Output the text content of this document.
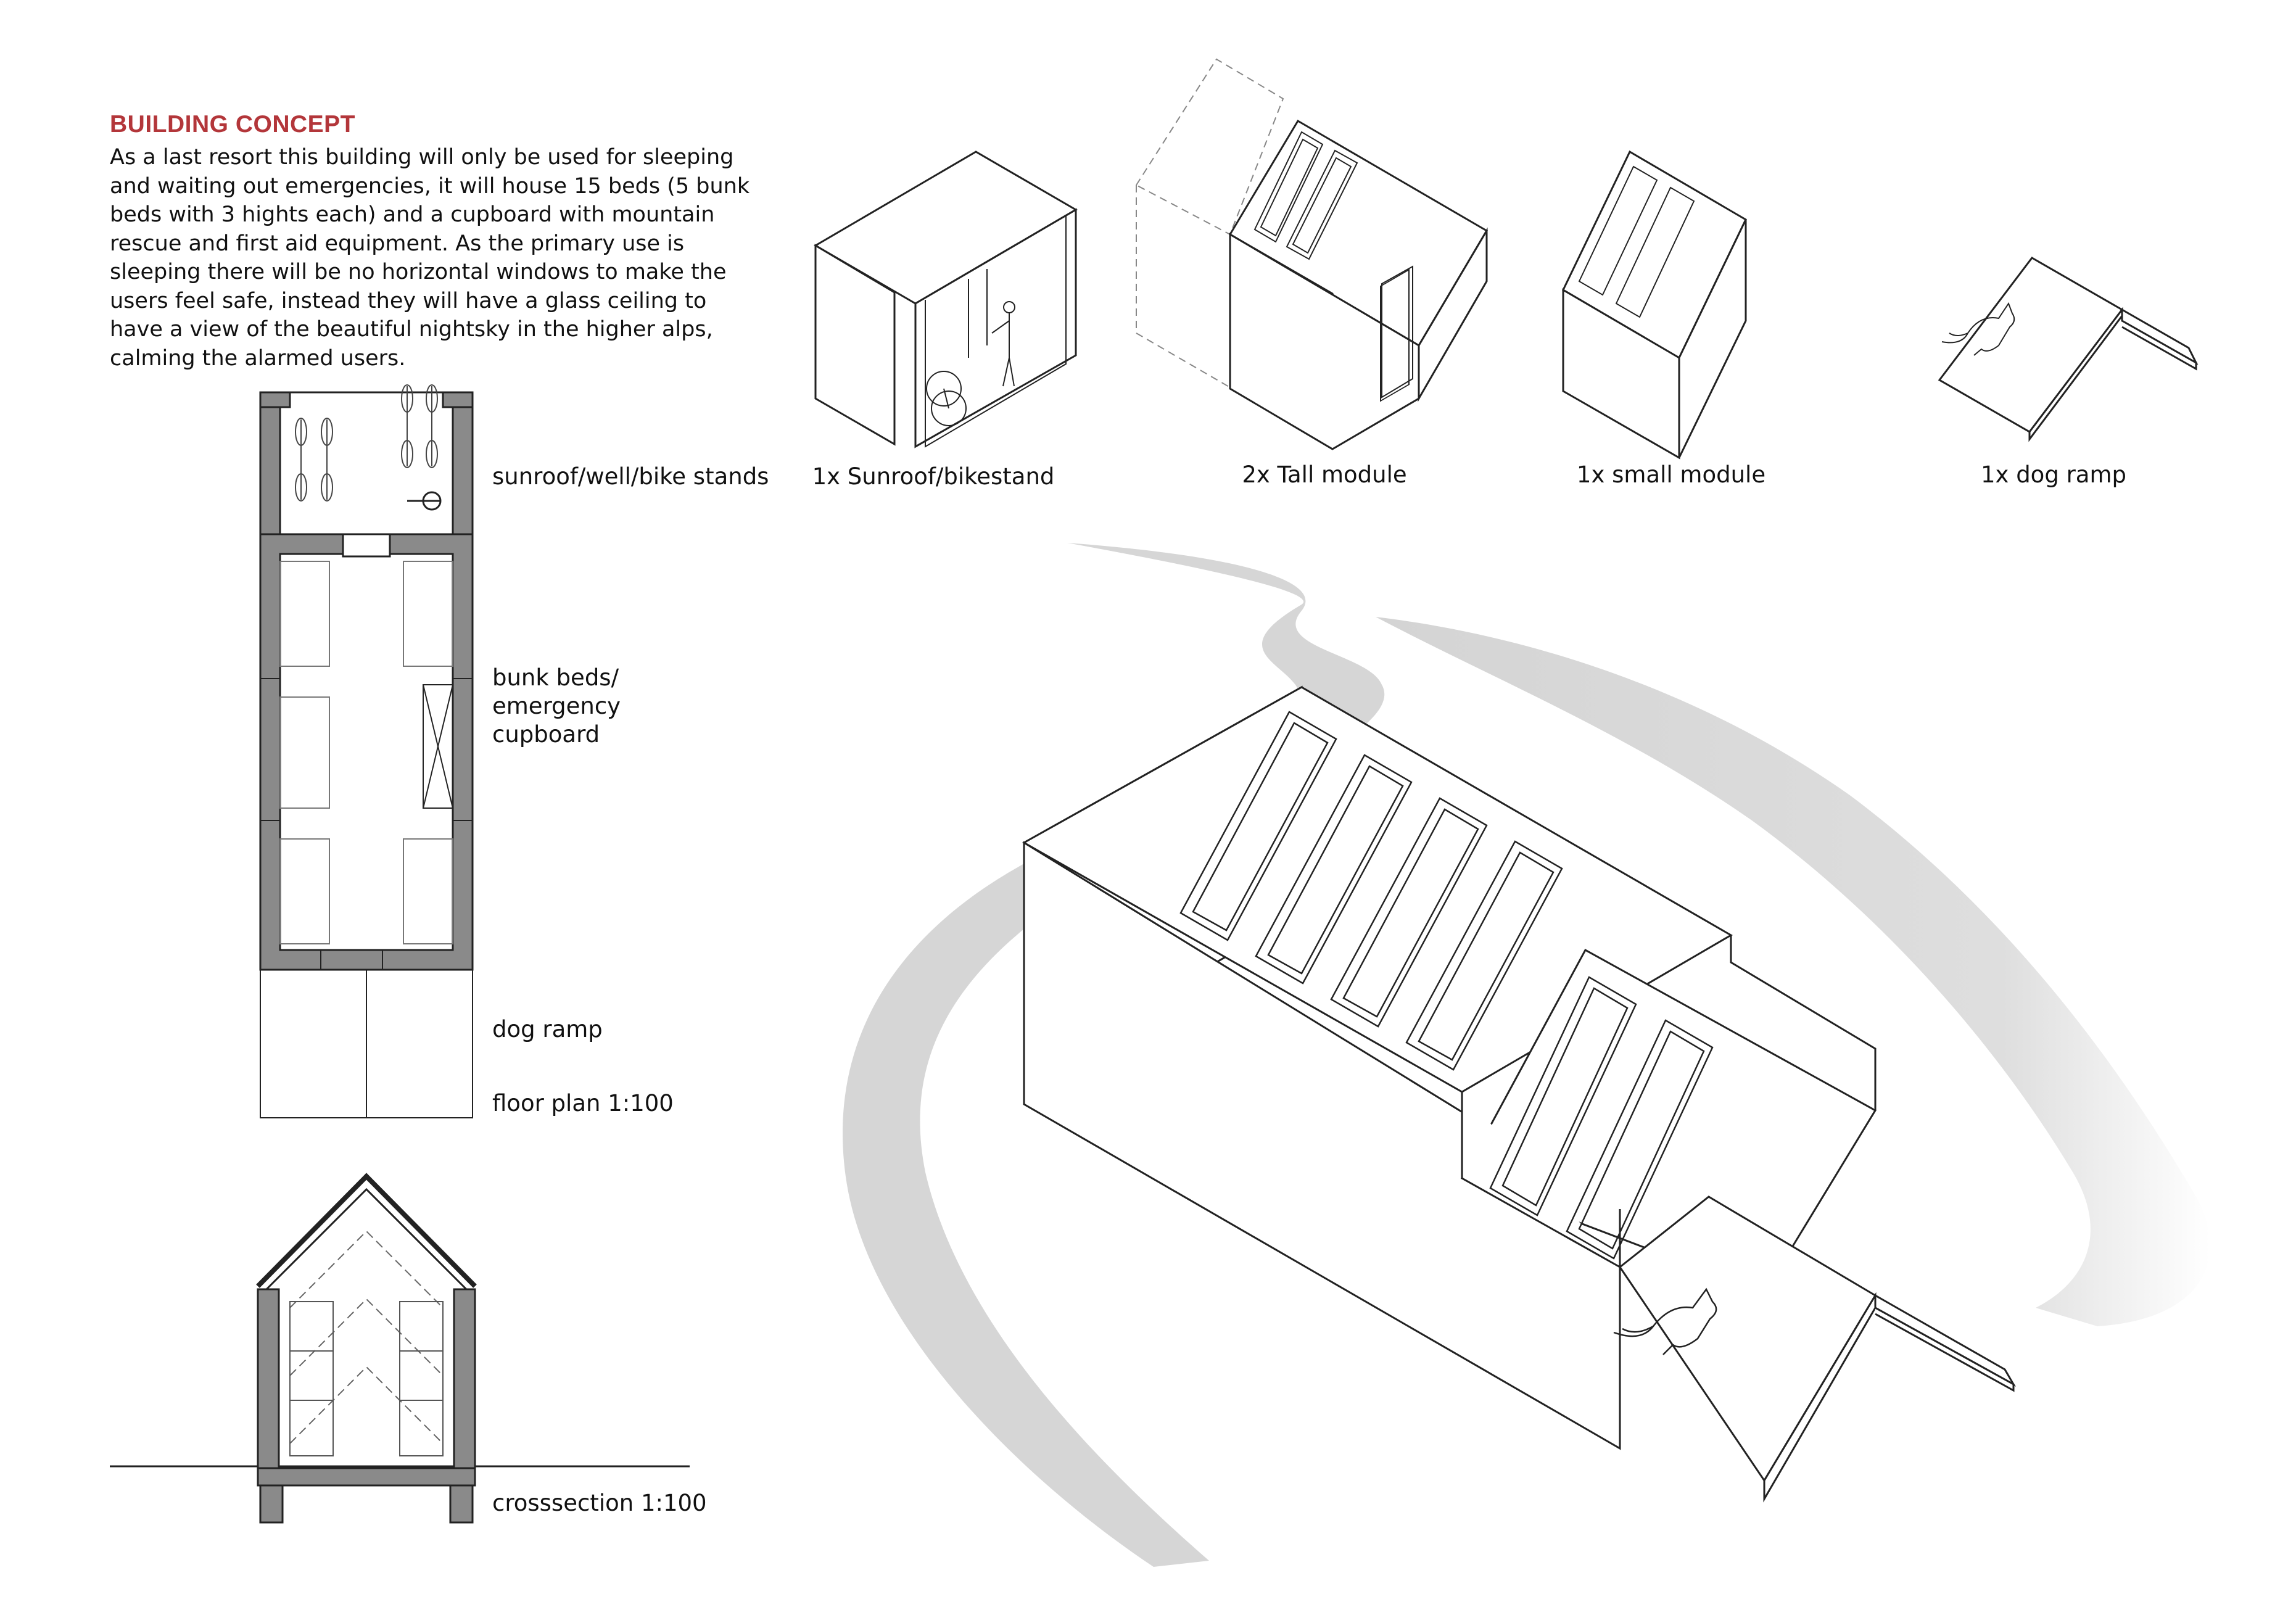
BUILDING CONCEPT
As a last resort this building will only be used for sleeping and waiting out emergencies, it will house 15 beds (5 bunk beds with 3 hights each) and a cupboard with mountain rescue and first aid equipment. As the primary use is sleeping there will be no horizontal windows to make the users feel safe, instead they will have a glass ceiling to have a view of the beautiful nightsky in the higher alps, calming the alarmed users.
sunroof/well/bike stands
bunk beds/
emergency
cupboard
dog ramp
floor plan 1:100
crosssection 1:100
1x Sunroof/bikestand	2x Tall module	1x small module	1x dog ramp
